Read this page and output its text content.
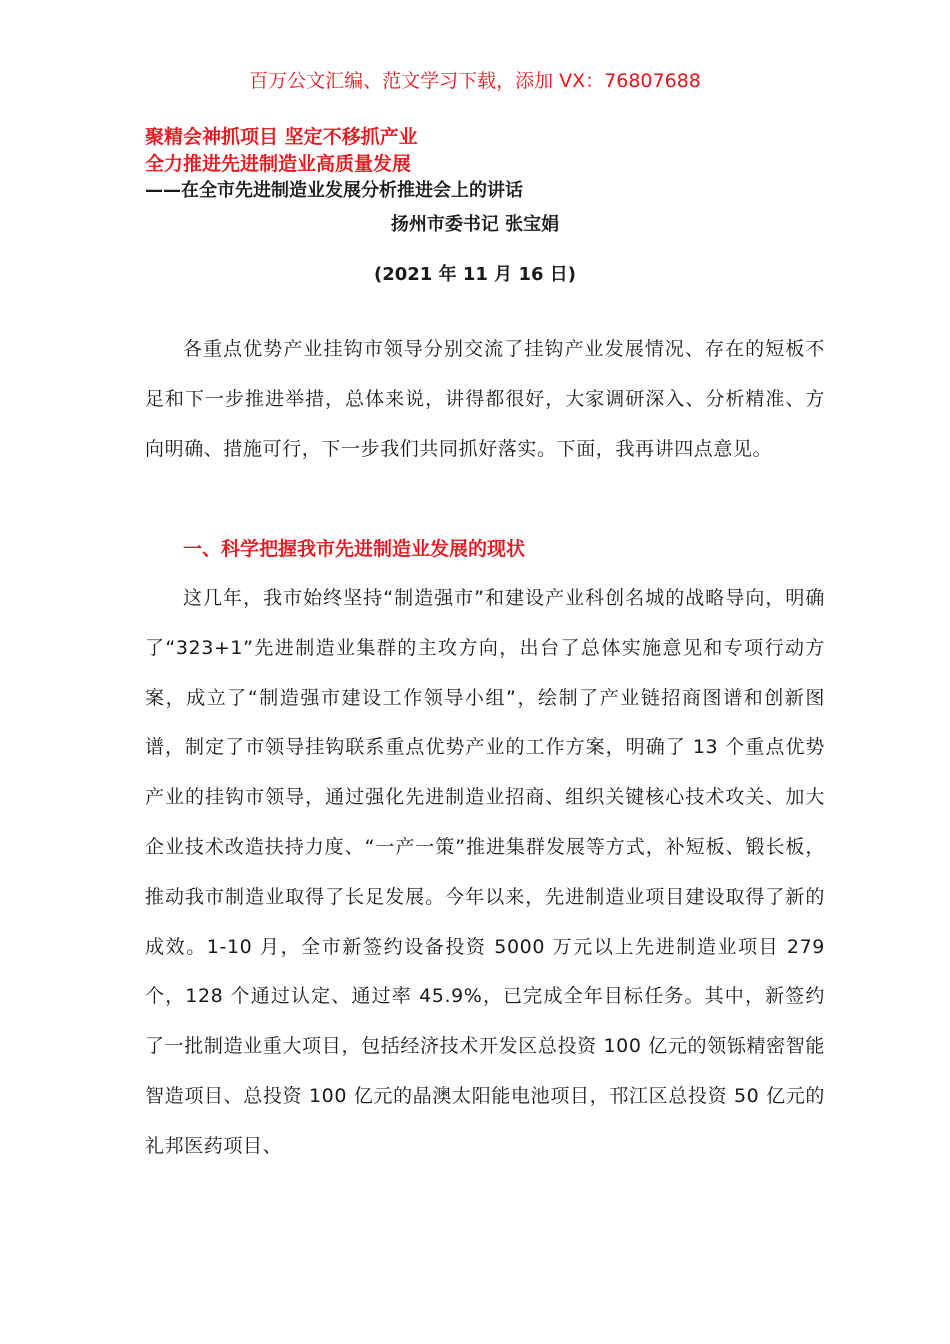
百万公文汇编、范文学习下载，添加 VX：76807688
聚精会神抓项目 坚定不移抓产业
全力推进先进制造业高质量发展
——在全市先进制造业发展分析推进会上的讲话
扬州市委书记 张宝娟
(2021 年 11 月 16 日)

各重点优势产业挂钩市领导分别交流了挂钩产业发展情况、存在的短板不足和下一步推进举措，总体来说，讲得都很好，大家调研深入、分析精准、方向明确、措施可行，下一步我们共同抓好落实。下面，我再讲四点意见。

一、科学把握我市先进制造业发展的现状

这几年，我市始终坚持“制造强市”和建设产业科创名城的战略导向，明确了“323+1”先进制造业集群的主攻方向，出台了总体实施意见和专项行动方案，成立了“制造强市建设工作领导小组”，绘制了产业链招商图谱和创新图谱，制定了市领导挂钩联系重点优势产业的工作方案，明确了 13 个重点优势产业的挂钩市领导，通过强化先进制造业招商、组织关键核心技术攻关、加大企业技术改造扶持力度、“一产一策”推进集群发展等方式，补短板、锻长板，推动我市制造业取得了长足发展。今年以来，先进制造业项目建设取得了新的成效。1-10 月，全市新签约设备投资 5000 万元以上先进制造业项目 279 个，128 个通过认定、通过率 45.9%，已完成全年目标任务。其中，新签约了一批制造业重大项目，包括经济技术开发区总投资 100 亿元的领铄精密智能智造项目、总投资 100 亿元的晶澳太阳能电池项目，邗江区总投资 50 亿元的礼邦医药项目、
